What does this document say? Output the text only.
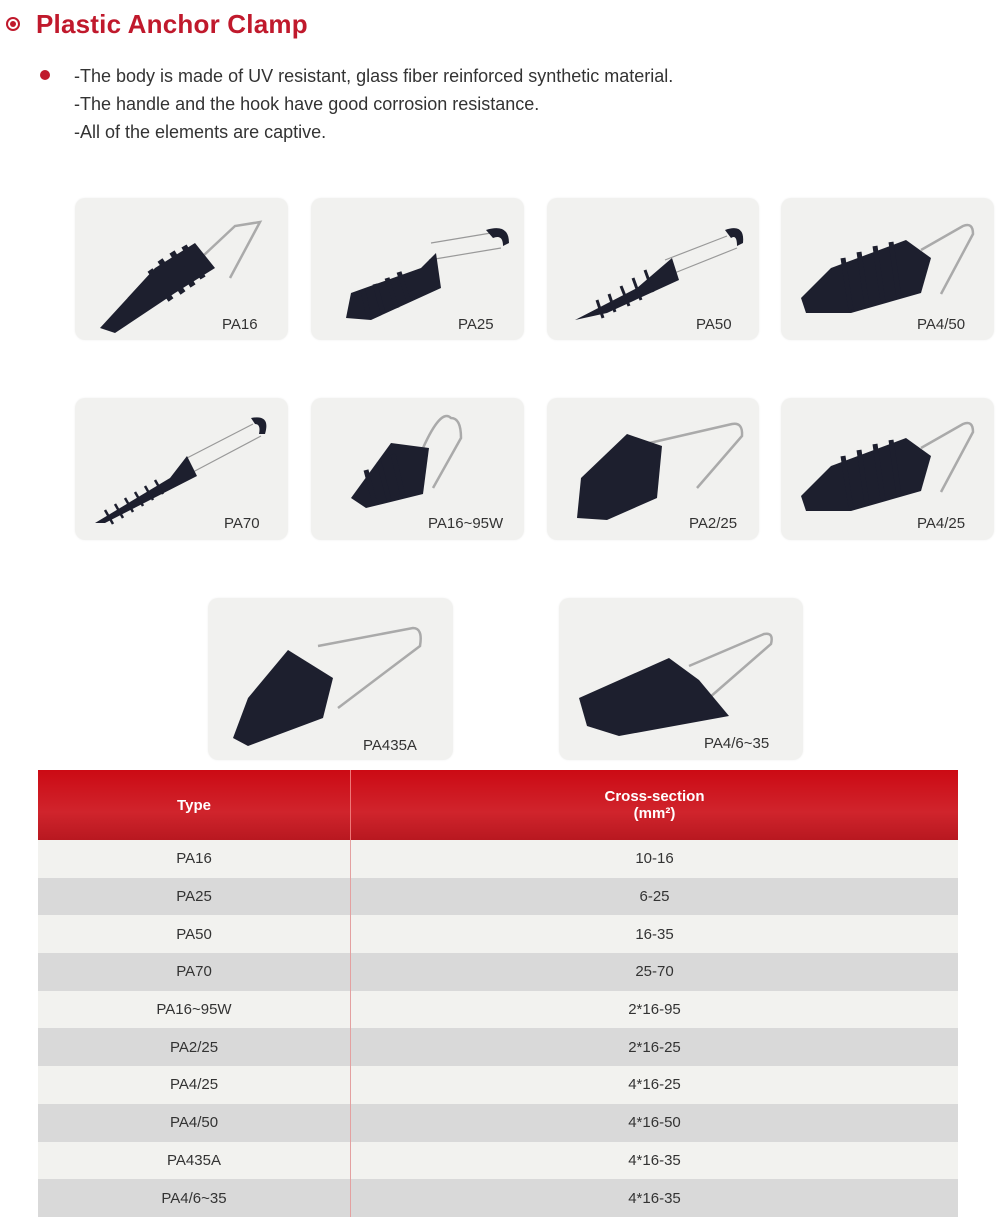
Plastic Anchor Clamp
-The body is made of UV resistant, glass fiber reinforced synthetic material.
-The handle and the hook have good corrosion resistance.
-All of the elements are captive.
PA16	PA25	PA50	PA4/50
PA70	PA16~95W	PA2/25	PA4/25
PA435A	PA4/6~35
Type	Cross-section
(mm²)

PA16	10-16
PA25	6-25
PA50	16-35
PA70	25-70
PA16~95W	2*16-95
PA2/25	2*16-25
PA4/25	4*16-25
PA4/50	4*16-50
PA435A	4*16-35
PA4/6~35	4*16-35
